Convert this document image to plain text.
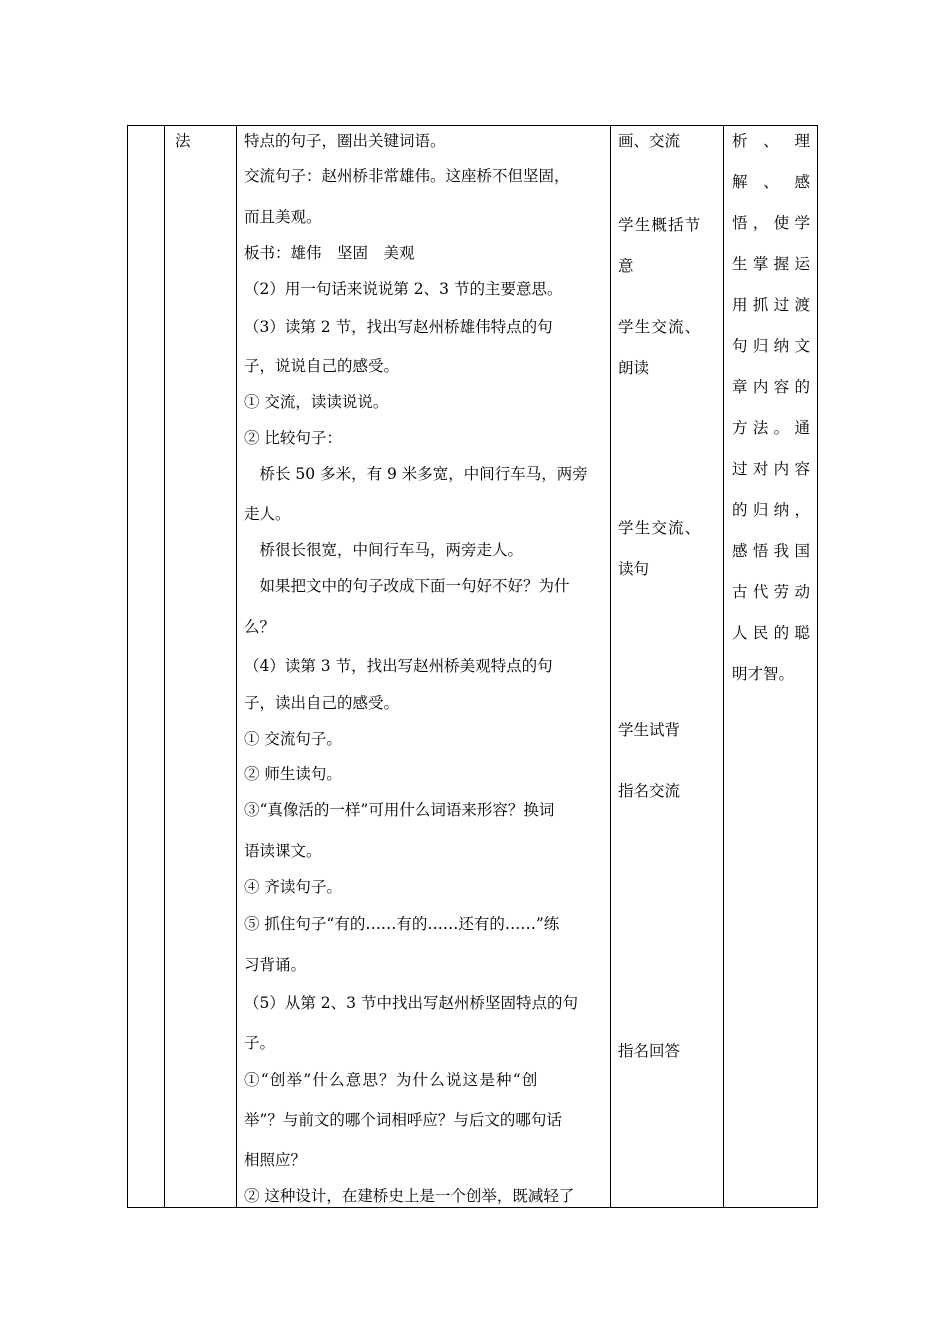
法	特点的句子，圈出关键词语。
交流句子：赵州桥非常雄伟。这座桥不但坚固，
而且美观。
板书：雄伟　坚固　美观
（2）用一句话来说说第 2、3 节的主要意思。
（3）读第 2 节，找出写赵州桥雄伟特点的句
子，说说自己的感受。
① 交流，读读说说。
② 比较句子：
　桥长 50 多米，有 9 米多宽，中间行车马，两旁
走人。
　桥很长很宽，中间行车马，两旁走人。
　如果把文中的句子改成下面一句好不好？为什
么？
（4）读第 3 节，找出写赵州桥美观特点的句
子，读出自己的感受。
① 交流句子。
② 师生读句。
③“真像活的一样”可用什么词语来形容？换词
语读课文。
④ 齐读句子。
⑤ 抓住句子“有的……有的……还有的……”练
习背诵。
（5）从第 2、3 节中找出写赵州桥坚固特点的句
子。
①“创举”什么意思？为什么说这是种“创
举”？与前文的哪个词相呼应？与后文的哪句话
相照应？
② 这种设计，在建桥史上是一个创举，既减轻了
画、交流
学生概括节
意
学生交流、
朗读
学生交流、
读句
学生试背
指名交流
指名回答
析、理
解、感
悟，使学
生掌握运
用抓过渡
句归纳文
章内容的
方法。通
过对内容
的归纳，
感悟我国
古代劳动
人民的聪
明才智。
